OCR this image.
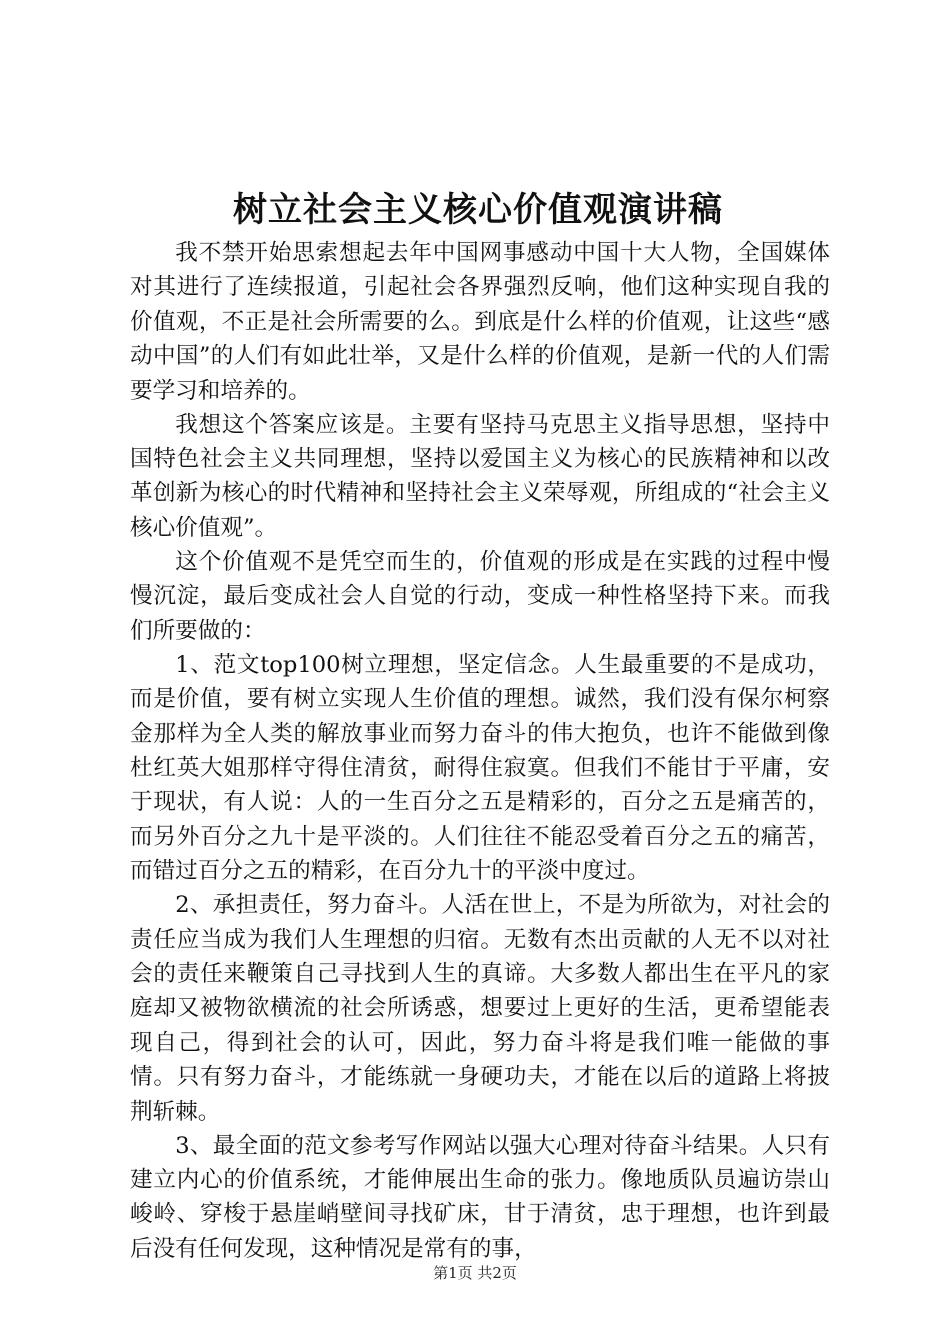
树立社会主义核心价值观演讲稿

我不禁开始思索想起去年中国网事感动中国十大人物，全国媒体对其进行了连续报道，引起社会各界强烈反响，他们这种实现自我的价值观，不正是社会所需要的么。到底是什么样的价值观，让这些“感动中国”的人们有如此壮举，又是什么样的价值观，是新一代的人们需要学习和培养的。

我想这个答案应该是。主要有坚持马克思主义指导思想，坚持中国特色社会主义共同理想，坚持以爱国主义为核心的民族精神和以改革创新为核心的时代精神和坚持社会主义荣辱观，所组成的“社会主义核心价值观”。

这个价值观不是凭空而生的，价值观的形成是在实践的过程中慢慢沉淀，最后变成社会人自觉的行动，变成一种性格坚持下来。而我们所要做的：

1、范文top100树立理想，坚定信念。人生最重要的不是成功，而是价值，要有树立实现人生价值的理想。诚然，我们没有保尔柯察金那样为全人类的解放事业而努力奋斗的伟大抱负，也许不能做到像杜红英大姐那样守得住清贫，耐得住寂寞。但我们不能甘于平庸，安于现状，有人说：人的一生百分之五是精彩的，百分之五是痛苦的，而另外百分之九十是平淡的。人们往往不能忍受着百分之五的痛苦，而错过百分之五的精彩，在百分九十的平淡中度过。

2、承担责任，努力奋斗。人活在世上，不是为所欲为，对社会的责任应当成为我们人生理想的归宿。无数有杰出贡献的人无不以对社会的责任来鞭策自己寻找到人生的真谛。大多数人都出生在平凡的家庭却又被物欲横流的社会所诱惑，想要过上更好的生活，更希望能表现自己，得到社会的认可，因此，努力奋斗将是我们唯一能做的事情。只有努力奋斗，才能练就一身硬功夫，才能在以后的道路上将披荆斩棘。

3、最全面的范文参考写作网站以强大心理对待奋斗结果。人只有建立内心的价值系统，才能伸展出生命的张力。像地质队员遍访崇山峻岭、穿梭于悬崖峭壁间寻找矿床，甘于清贫，忠于理想，也许到最后没有任何发现，这种情况是常有的事，

第1页 共2页
